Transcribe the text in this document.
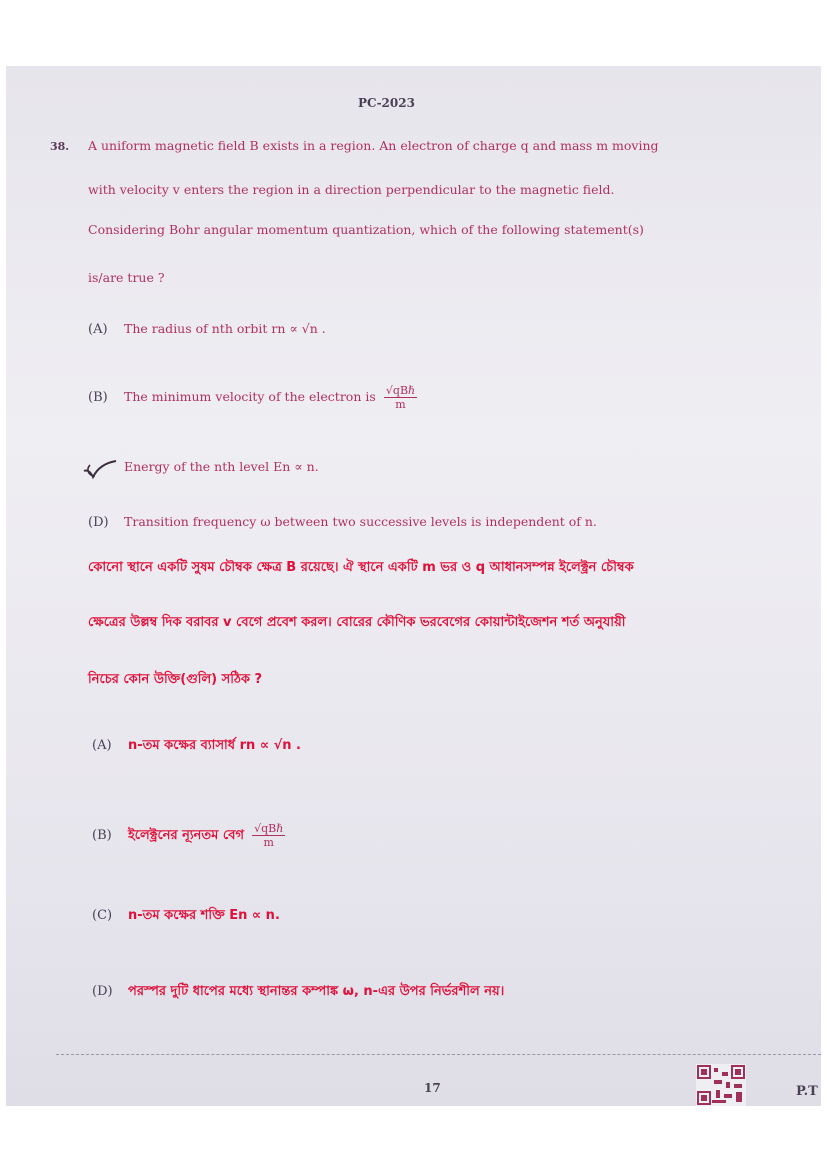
PC-2023
38. A uniform magnetic field B exists in a region. An electron of charge q and mass m moving
with velocity v enters the region in a direction perpendicular to the magnetic field.
Considering Bohr angular momentum quantization, which of the following statement(s)
is/are true ?
(A) The radius of nth orbit rn ∝ √n .
(B) The minimum velocity of the electron is $\frac{\text{√qBℏ}}{m}$
Energy of the nth level En ∝ n.
(D) Transition frequency ω between two successive levels is independent of n.
কোনো স্থানে একটি সুষম চৌম্বক ক্ষেত্র B রয়েছে। ঐ স্থানে একটি m ভর ও q আধানসম্পন্ন ইলেক্ট্রন চৌম্বক
ক্ষেত্রের উল্লম্ব দিক বরাবর v বেগে প্রবেশ করল। বোরের কৌণিক ভরবেগের কোয়ান্টাইজেশন শর্ত অনুযায়ী
নিচের কোন উক্তি(গুলি) সঠিক ?
(A) n-তম কক্ষের ব্যাসার্ধ rn ∝ √n .
(B) ইলেক্ট্রনের ন্যূনতম বেগ $\frac{\text{√qBℏ}}{m}$
(C) n-তম কক্ষের শক্তি En ∝ n.
(D) পরস্পর দুটি ধাপের মধ্যে স্থানান্তর কম্পাঙ্ক ω, n-এর উপর নির্ভরশীল নয়।
17	P.T
